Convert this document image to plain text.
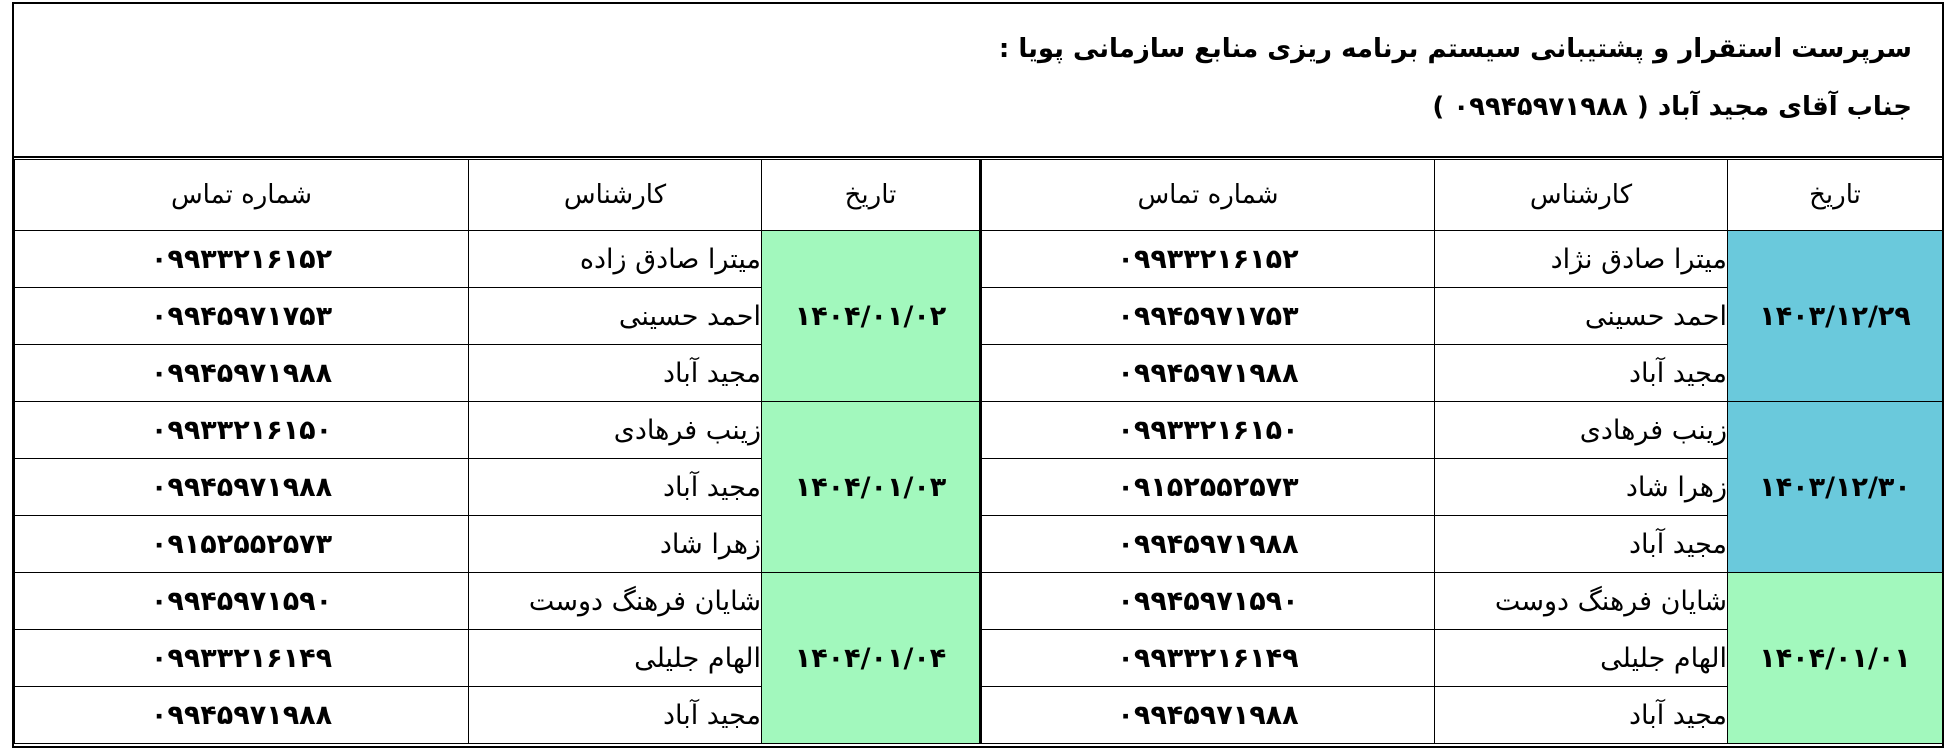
سرپرست استقرار و پشتیبانی سیستم برنامه ریزی منابع سازمانی پویا :
جناب آقای مجید آباد ( ۰۹۹۴۵۹۷۱۹۸۸ )
شماره تماس	کارشناس	تاریخ	شماره تماس	کارشناس	تاریخ
۰۹۹۳۳۲۱۶۱۵۲	میترا صادق زاده	۱۴۰۴/۰۱/۰۲	۰۹۹۳۳۲۱۶۱۵۲	میترا صادق نژاد	۱۴۰۳/۱۲/۲۹
۰۹۹۴۵۹۷۱۷۵۳	احمد حسینی		۰۹۹۴۵۹۷۱۷۵۳	احمد حسینی	
۰۹۹۴۵۹۷۱۹۸۸	مجید آباد		۰۹۹۴۵۹۷۱۹۸۸	مجید آباد	
۰۹۹۳۳۲۱۶۱۵۰	زینب فرهادی	۱۴۰۴/۰۱/۰۳	۰۹۹۳۳۲۱۶۱۵۰	زینب فرهادی	۱۴۰۳/۱۲/۳۰
۰۹۹۴۵۹۷۱۹۸۸	مجید آباد		۰۹۱۵۲۵۵۲۵۷۳	زهرا شاد	
۰۹۱۵۲۵۵۲۵۷۳	زهرا شاد		۰۹۹۴۵۹۷۱۹۸۸	مجید آباد	
۰۹۹۴۵۹۷۱۵۹۰	شایان فرهنگ دوست	۱۴۰۴/۰۱/۰۴	۰۹۹۴۵۹۷۱۵۹۰	شایان فرهنگ دوست	۱۴۰۴/۰۱/۰۱
۰۹۹۳۳۲۱۶۱۴۹	الهام جلیلی		۰۹۹۳۳۲۱۶۱۴۹	الهام جلیلی	
۰۹۹۴۵۹۷۱۹۸۸	مجید آباد		۰۹۹۴۵۹۷۱۹۸۸	مجید آباد	
